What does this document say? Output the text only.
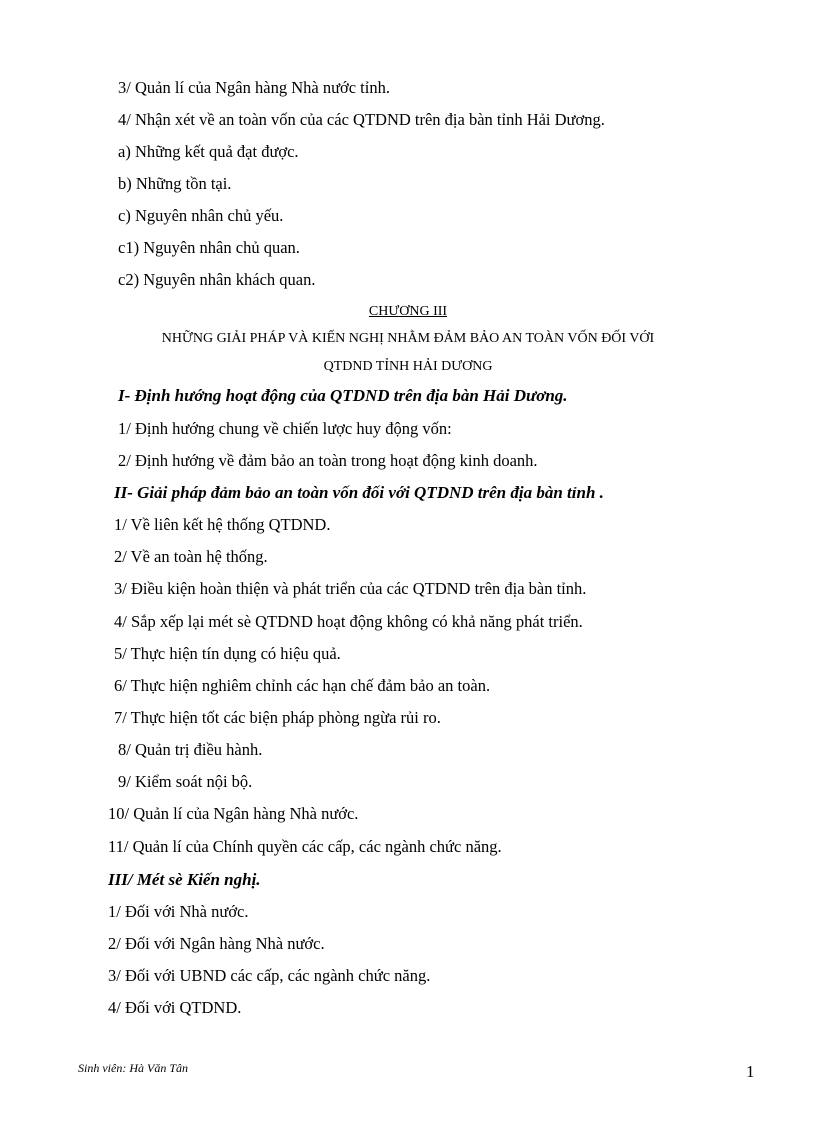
3/ Quản lí của Ngân hàng Nhà nước tỉnh.
4/ Nhận xét về an toàn vốn của các QTDND trên địa bàn tỉnh Hải Dương.
a) Những kết quả đạt được.
b) Những tồn tại.
c) Nguyên nhân chủ yếu.
c1) Nguyên nhân chủ quan.
c2) Nguyên nhân khách quan.
CHƯƠNG III
NHỮNG GIẢI PHÁP VÀ KIẾN NGHỊ NHẰM ĐẢM BẢO AN TOÀN VỐN ĐỐI VỚI
QTDND TỈNH HẢI DƯƠNG
I- Định hướng hoạt động của QTDND trên địa bàn Hải Dương.
1/ Định hướng chung về chiến lược huy động vốn:
2/ Định hướng về đảm bảo an toàn trong hoạt động kinh doanh.
II- Giải pháp đảm bảo an toàn vốn đối với QTDND trên địa bàn tỉnh .
1/ Về liên kết hệ thống QTDND.
2/ Về an toàn hệ thống.
3/ Điều kiện hoàn thiện và phát triển của các QTDND trên địa bàn tỉnh.
4/ Sắp xếp lại mét sè QTDND hoạt động không có khả năng phát triển.
5/ Thực hiện tín dụng có hiệu quả.
6/ Thực hiện nghiêm chỉnh các hạn chế đảm bảo an toàn.
7/ Thực hiện tốt các biện pháp phòng ngừa rủi ro.
8/ Quản trị điều hành.
9/ Kiểm soát nội bộ.
10/ Quản lí của Ngân hàng Nhà nước.
11/ Quản lí của Chính quyền các cấp, các ngành chức năng.
III/ Mét sè Kiến nghị.
1/ Đối với Nhà nước.
2/ Đối với Ngân hàng Nhà nước.
3/ Đối với UBND các cấp, các ngành chức năng.
4/ Đối với QTDND.
Sinh viên: Hà Văn Tân	1
